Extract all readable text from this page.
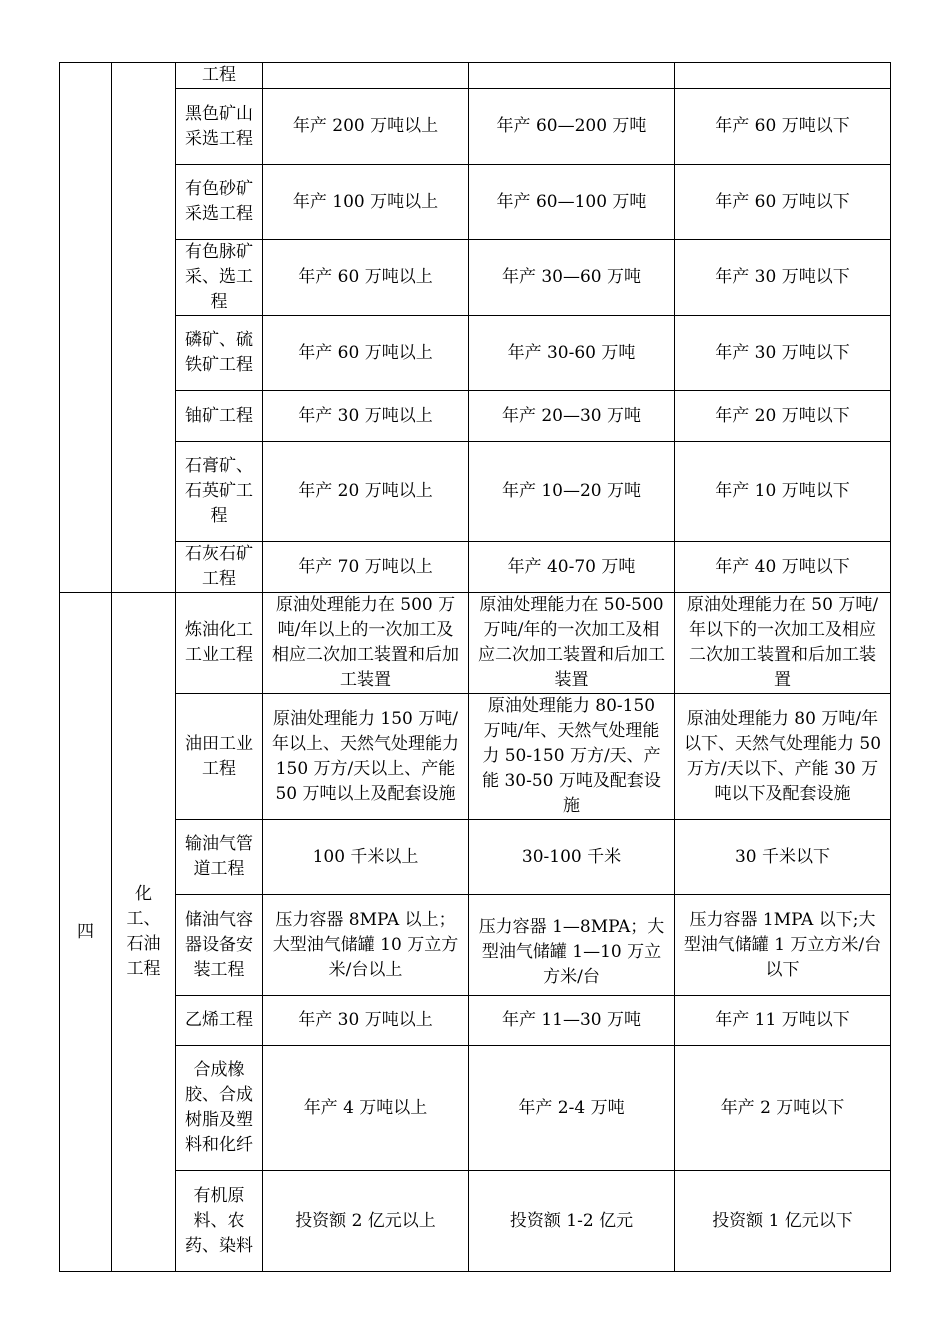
		工程			
		黑色矿山采选工程	年产 200 万吨以上	年产 60—200 万吨	年产 60 万吨以下
		有色砂矿采选工程	年产 100 万吨以上	年产 60—100 万吨	年产 60 万吨以下
		有色脉矿采、选工程	年产 60 万吨以上	年产 30—60 万吨	年产 30 万吨以下
		磷矿、硫铁矿工程	年产 60 万吨以上	年产 30-60 万吨	年产 30 万吨以下
		铀矿工程	年产 30 万吨以上	年产 20—30 万吨	年产 20 万吨以下
		石膏矿、石英矿工程	年产 20 万吨以上	年产 10—20 万吨	年产 10 万吨以下
		石灰石矿工程	年产 70 万吨以上	年产 40-70 万吨	年产 40 万吨以下
四	化工、石油工程	炼油化工工业工程	原油处理能力在 500 万吨/年以上的一次加工及相应二次加工装置和后加工装置	原油处理能力在 50-500 万吨/年的一次加工及相应二次加工装置和后加工装置	原油处理能力在 50 万吨/年以下的一次加工及相应二次加工装置和后加工装置
		油田工业工程	原油处理能力 150 万吨/年以上、天然气处理能力 150 万方/天以上、产能 50 万吨以上及配套设施	原油处理能力 80-150 万吨/年、天然气处理能力 50-150 万方/天、产能 30-50 万吨及配套设施	原油处理能力 80 万吨/年以下、天然气处理能力 50 万方/天以下、产能 30 万吨以下及配套设施
		输油气管道工程	100 千米以上	30-100 千米	30 千米以下
		储油气容器设备安装工程	压力容器 8MPA 以上；大型油气储罐 10 万立方米/台以上	压力容器 1—8MPA；大型油气储罐 1—10 万立方米/台	压力容器 1MPA 以下;大型油气储罐 1 万立方米/台以下
		乙烯工程	年产 30 万吨以上	年产 11—30 万吨	年产 11 万吨以下
		合成橡胶、合成树脂及塑料和化纤	年产 4 万吨以上	年产 2-4 万吨	年产 2 万吨以下
		有机原料、农药、染料	投资额 2 亿元以上	投资额 1-2 亿元	投资额 1 亿元以下
